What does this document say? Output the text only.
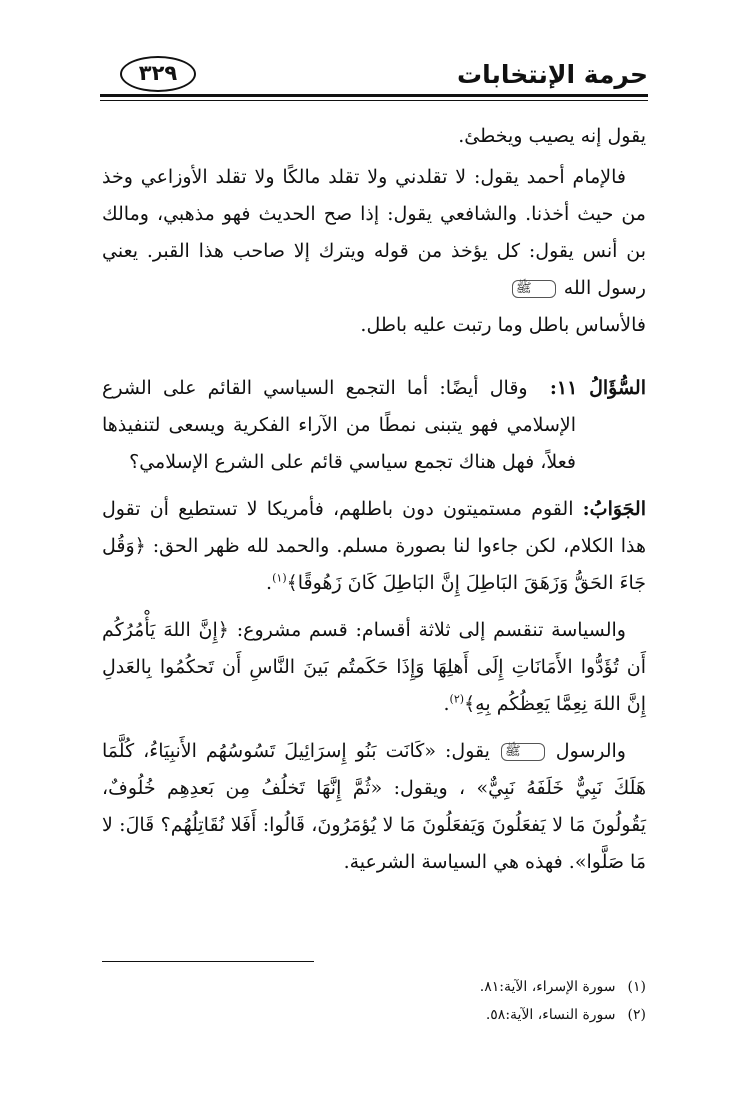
حرمة الإنتخابات
٣٢٩

يقول إنه يصيب ويخطئ.

فالإمام أحمد يقول: لا تقلدني ولا تقلد مالكًا ولا تقلد الأوزاعي وخذ من حيث أخذنا. والشافعي يقول: إذا صح الحديث فهو مذهبي، ومالك بن أنس يقول: كل يؤخذ من قوله ويترك إلا صاحب هذا القبر. يعني رسول الله ﷺ

فالأساس باطل وما رتبت عليه باطل.

السُّؤَالُ ١١:  وقال أيضًا: أما التجمع السياسي القائم على الشرع الإسلامي فهو يتبنى نمطًا من الآراء الفكرية ويسعى لتنفيذها فعلاً، فهل هناك تجمع سياسي قائم على الشرع الإسلامي؟

الجَوَابُ: القوم مستميتون دون باطلهم، فأمريكا لا تستطيع أن تقول هذا الكلام، لكن جاءوا لنا بصورة مسلم. والحمد لله ظهر الحق: ﴿وَقُل جَاءَ الحَقُّ وَزَهَقَ البَاطِلَ إِنَّ البَاطِلَ كَانَ زَهُوقًا﴾$^{(١)}$.

والسياسة تنقسم إلى ثلاثة أقسام: قسم مشروع: ﴿إِنَّ اللهَ يَأْمُرُكُم أَن تُؤَدُّوا الأَمَانَاتِ إِلَى أَهلِهَا وَإِذَا حَكَمتُم بَينَ النَّاسِ أَن تَحكُمُوا بِالعَدلِ إِنَّ اللهَ نِعِمَّا يَعِظُكُم بِهِ﴾$^{(٢)}$.

والرسول ﷺ يقول: «كَانَت بَنُو إِسرَائِيلَ تَسُوسُهُم الأَنبِيَاءُ، كُلَّمَا هَلَكَ نَبِيٌّ خَلَفَهُ نَبِيٌّ» ، ويقول: «ثُمَّ إِنَّهَا تَخلُفُ مِن بَعدِهِم خُلُوفٌ، يَقُولُونَ مَا لا يَفعَلُونَ وَيَفعَلُونَ مَا لا يُؤمَرُونَ، قَالُوا: أَفَلا نُقَاتِلُهُم؟ قَالَ: لا مَا صَلَّوا». فهذه هي السياسة الشرعية.

(١)سورة الإسراء، الآية:٨١.
(٢)سورة النساء، الآية:٥٨.
